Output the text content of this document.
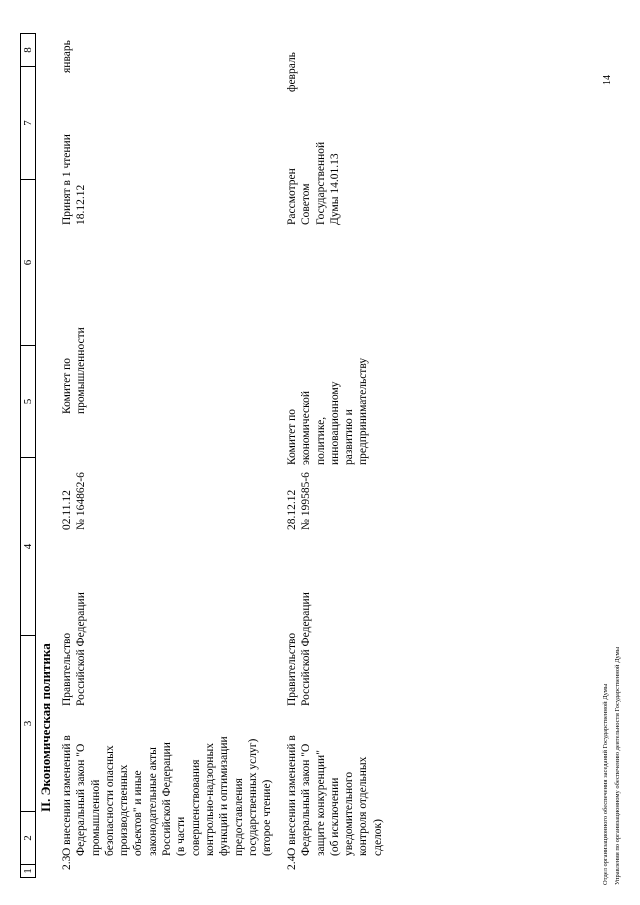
1
2
3
4
5
6
7
8
II. Экономическая политика
2.3
О внесении изменений в
Федеральный закон "О
промышленной
безопасности опасных
производственных
объектов" и иные
законодательные акты
Российской Федерации
(в части
совершенствования
контрольно-надзорных
функций и оптимизации
предоставления
государственных услуг)
(второе чтение)
Правительство
Российской Федерации
02.11.12
№ 164862-6
Комитет по
промышленности
Принят в 1 чтении
18.12.12
январь
2.4
О внесении изменений в
Федеральный закон "О
защите конкуренции"
(об исключении
уведомительного
контроля отдельных
сделок)
Правительство
Российской Федерации
28.12.12
№ 199585-6
Комитет по
экономической
политике,
инновационному
развитию и
предпринимательству
Рассмотрен
Советом
Государственной
Думы 14.01.13
февраль
Отдел организационного обеспечения заседаний Государственной Думы Управления по организационному обеспечению деятельности Государственной Думы
14
